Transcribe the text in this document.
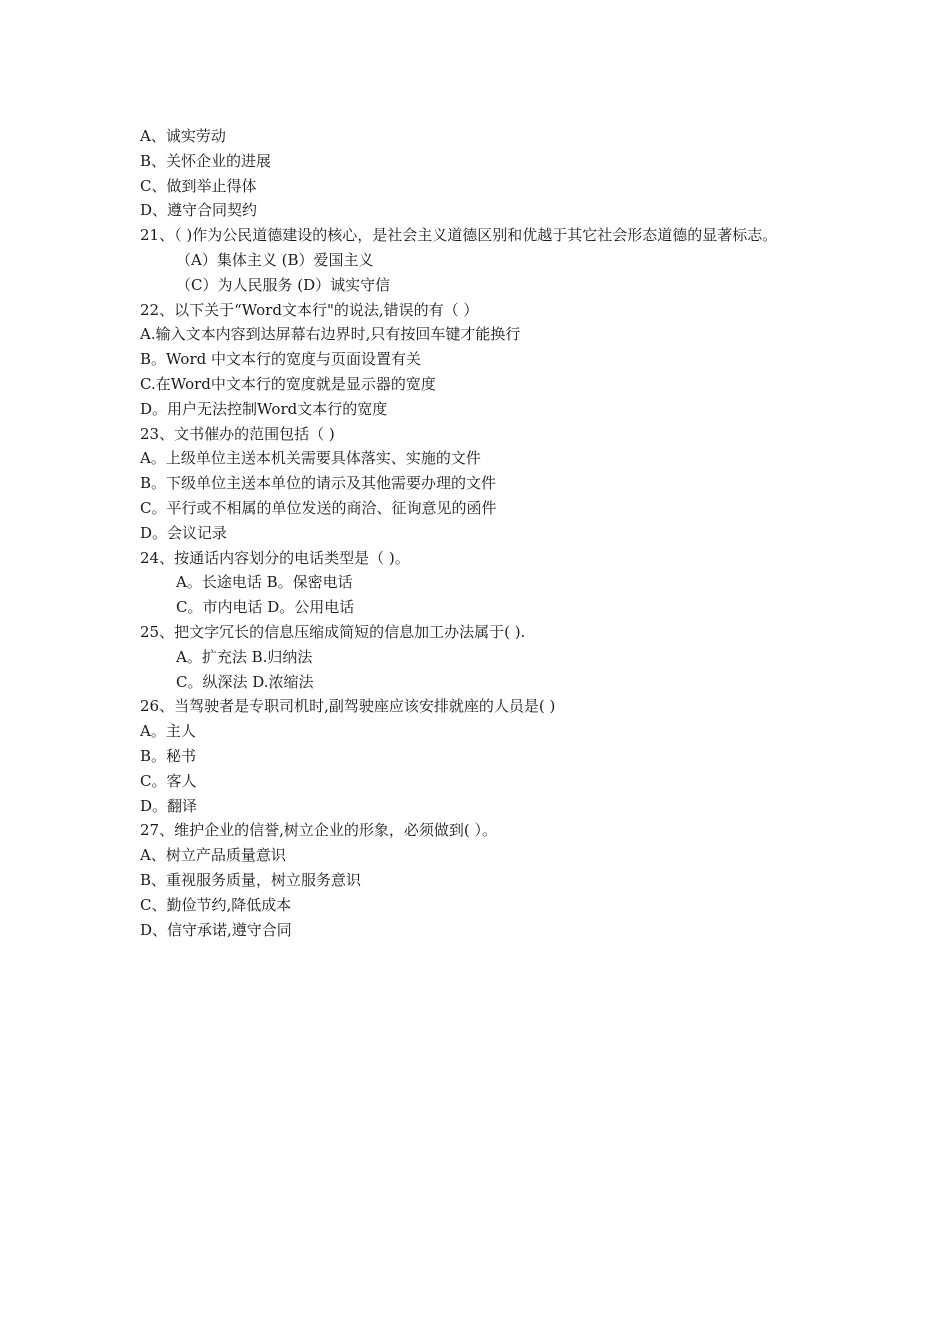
A、诚实劳动
B、关怀企业的进展
C、做到举止得体
D、遵守合同契约
21、（ )作为公民道德建设的核心，是社会主义道德区别和优越于其它社会形态道德的显著标志。
（A）集体主义 (B）爱国主义
（C）为人民服务 (D）诚实守信
22、以下关于“Word文本行"的说法,错误的有（ ）
A.输入文本内容到达屏幕右边界时,只有按回车键才能换行
B。Word 中文本行的宽度与页面设置有关
C.在Word中文本行的宽度就是显示器的宽度
D。用户无法控制Word文本行的宽度
23、文书催办的范围包括（ )
A。上级单位主送本机关需要具体落实、实施的文件
B。下级单位主送本单位的请示及其他需要办理的文件
C。平行或不相属的单位发送的商洽、征询意见的函件
D。会议记录
24、按通话内容划分的电话类型是（ )。
A。长途电话 B。保密电话
C。市内电话 D。公用电话
25、把文字冗长的信息压缩成简短的信息加工办法属于( ).
A。扩充法 B.归纳法
C。纵深法 D.浓缩法
26、当驾驶者是专职司机时,副驾驶座应该安排就座的人员是( )
A。主人
B。秘书
C。客人
D。翻译
27、维护企业的信誉,树立企业的形象，必须做到( ）。
A、树立产品质量意识
B、重视服务质量，树立服务意识
C、勤俭节约,降低成本
D、信守承诺,遵守合同
